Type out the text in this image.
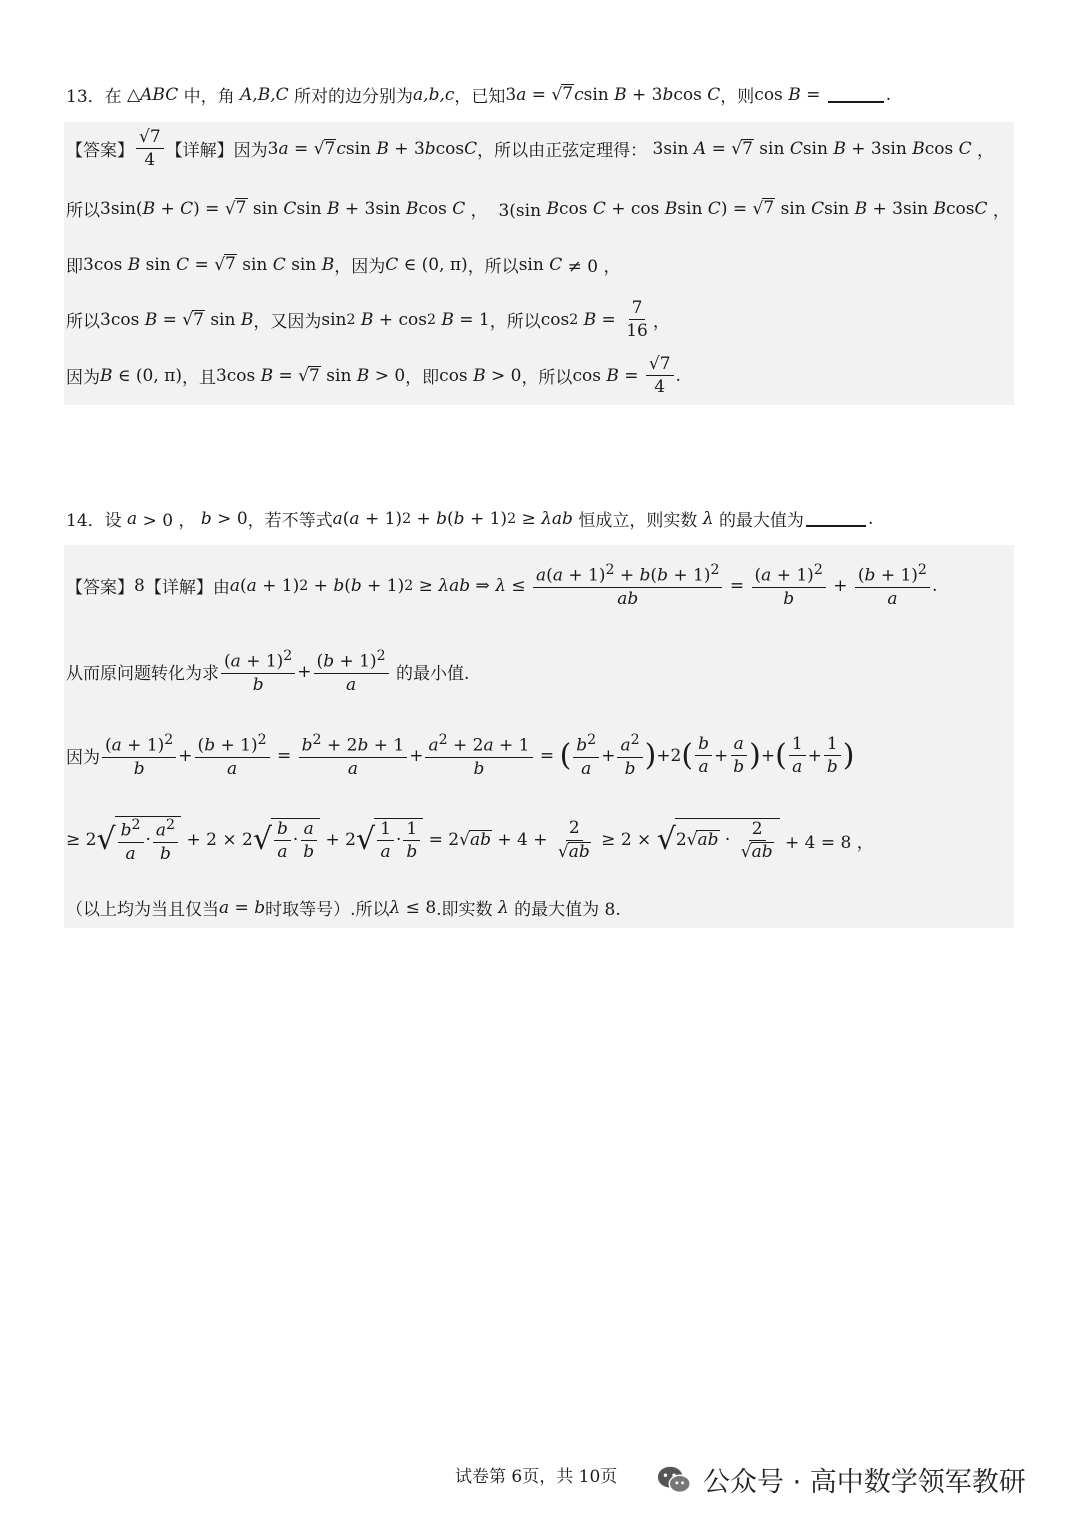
13． 在 △ ABC
中，角
A,B,C
所对的边分别为 a,b,c ，已知 3 a = √ 7 c sin B + 3 b cos C ，则 cos B =	.
【答案】 $\frac{√7}{4}$ 【详解】 因为 3 a = √ 7 c sin B + 3 b cos C ，所以由正弦定理得： 3sin A = √ 7 sin C sin B + 3sin B cos C ，
所以 3sin( B + C ) = √ 7 sin C sin B + 3sin B cos C ，  3(sin B cos C + cos B sin C ) = √ 7 sin C sin B + 3sin B cos C ，
即 3cos B sin C = √ 7 sin C sin B ，因为 C ∈ (0, π) ，所以 sin C ≠ 0 ，
所以 3cos B = √ 7 sin B ，又因为 sin 2
B + cos 2
B = 1 ，所以 cos 2
$B = \frac{7}{16}$ ，
因为 B ∈ (0, π) ，且 3cos B = √ 7 sin B > 0 ，即 cos B > 0 ，所以 $\cos B = \frac{√7}{4}$ .
14． 设
a > 0 ， b > 0 ，若不等式 a ( a + 1) 2 + b ( b + 1) 2 ≥ λab
恒成立，则实数
λ
的最大值为	.
【答案】 8 【详解】 由 a ( a + 1) 2 + b ( b + 1) 2 ≥ λab ⇒ $\lambda \le \frac{a(a + 1)^2 + b(b + 1)^2}{ab} = \frac{(a + 1)^2}{b} + \frac{(b + 1)^2}{a}$ .
从而原问题转化为求 $\frac{(a + 1)^2}{b} + \frac{(b + 1)^2}{a}$
的最小值.
因为 $\frac{(a + 1)^2}{b} + \frac{(b + 1)^2}{a} = \frac{b^2 + 2b + 1}{a} + \frac{a^2 + 2a + 1}{b}$ = ( $\frac{b^2}{a} + \frac{a^2}{b}$ ) +2 ( $\frac{b}{a} + \frac{a}{b}$ ) + ( $\frac{1}{a} + \frac{1}{b}$ )
≥ 2 √ $\frac{b^2}{a} \cdot \frac{a^2}{b} + 2 \times 2$ √ $\frac{b}{a} \cdot \frac{a}{b} + 2$ √ $\frac{1}{a} \cdot \frac{1}{b} = 2√$ ab + $4 + \frac{2}{√ab} \ge 2$ × √ 2√ ab · $\frac{2}{√ab} + 4 = 8$ ，
（以上均为当且仅当 a = b 时取等号）.所以 λ ≤ 8 .即实数
λ
的最大值为 8.
试卷第 6页，共 10页	公众号 · 高中数学领军教研
